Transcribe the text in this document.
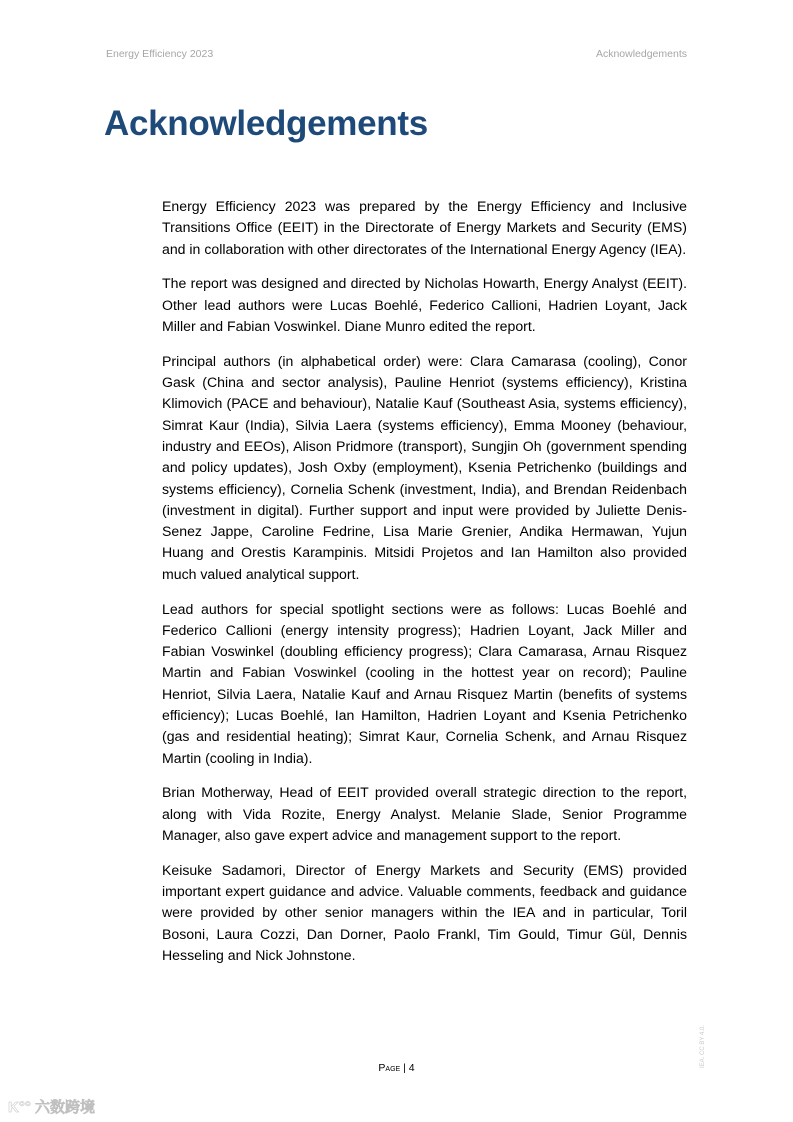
Energy Efficiency 2023	Acknowledgements
Acknowledgements

Energy Efficiency 2023 was prepared by the Energy Efficiency and Inclusive Transitions Office (EEIT) in the Directorate of Energy Markets and Security (EMS) and in collaboration with other directorates of the International Energy Agency (IEA).

The report was designed and directed by Nicholas Howarth, Energy Analyst (EEIT). Other lead authors were Lucas Boehlé, Federico Callioni, Hadrien Loyant, Jack Miller and Fabian Voswinkel. Diane Munro edited the report.

Principal authors (in alphabetical order) were: Clara Camarasa (cooling), Conor Gask (China and sector analysis), Pauline Henriot (systems efficiency), Kristina Klimovich (PACE and behaviour), Natalie Kauf (Southeast Asia, systems efficiency), Simrat Kaur (India), Silvia Laera (systems efficiency), Emma Mooney (behaviour, industry and EEOs), Alison Pridmore (transport), Sungjin Oh (government spending and policy updates), Josh Oxby (employment), Ksenia Petrichenko (buildings and systems efficiency), Cornelia Schenk (investment, India), and Brendan Reidenbach (investment in digital). Further support and input were provided by Juliette Denis-Senez Jappe, Caroline Fedrine, Lisa Marie Grenier, Andika Hermawan, Yujun Huang and Orestis Karampinis. Mitsidi Projetos and Ian Hamilton also provided much valued analytical support.

Lead authors for special spotlight sections were as follows: Lucas Boehlé and Federico Callioni (energy intensity progress); Hadrien Loyant, Jack Miller and Fabian Voswinkel (doubling efficiency progress); Clara Camarasa, Arnau Risquez Martin and Fabian Voswinkel (cooling in the hottest year on record); Pauline Henriot, Silvia Laera, Natalie Kauf and Arnau Risquez Martin (benefits of systems efficiency); Lucas Boehlé, Ian Hamilton, Hadrien Loyant and Ksenia Petrichenko (gas and residential heating); Simrat Kaur, Cornelia Schenk, and Arnau Risquez Martin (cooling in India).

Brian Motherway, Head of EEIT provided overall strategic direction to the report, along with Vida Rozite, Energy Analyst. Melanie Slade, Senior Programme Manager, also gave expert advice and management support to the report.

Keisuke Sadamori, Director of Energy Markets and Security (EMS) provided important expert guidance and advice. Valuable comments, feedback and guidance were provided by other senior managers within the IEA and in particular, Toril Bosoni, Laura Cozzi, Dan Dorner, Paolo Frankl, Tim Gould, Timur Gül, Dennis Hesseling and Nick Johnstone.

Page | 4	IEA. CC BY 4.0.
K°° 六数跨境
